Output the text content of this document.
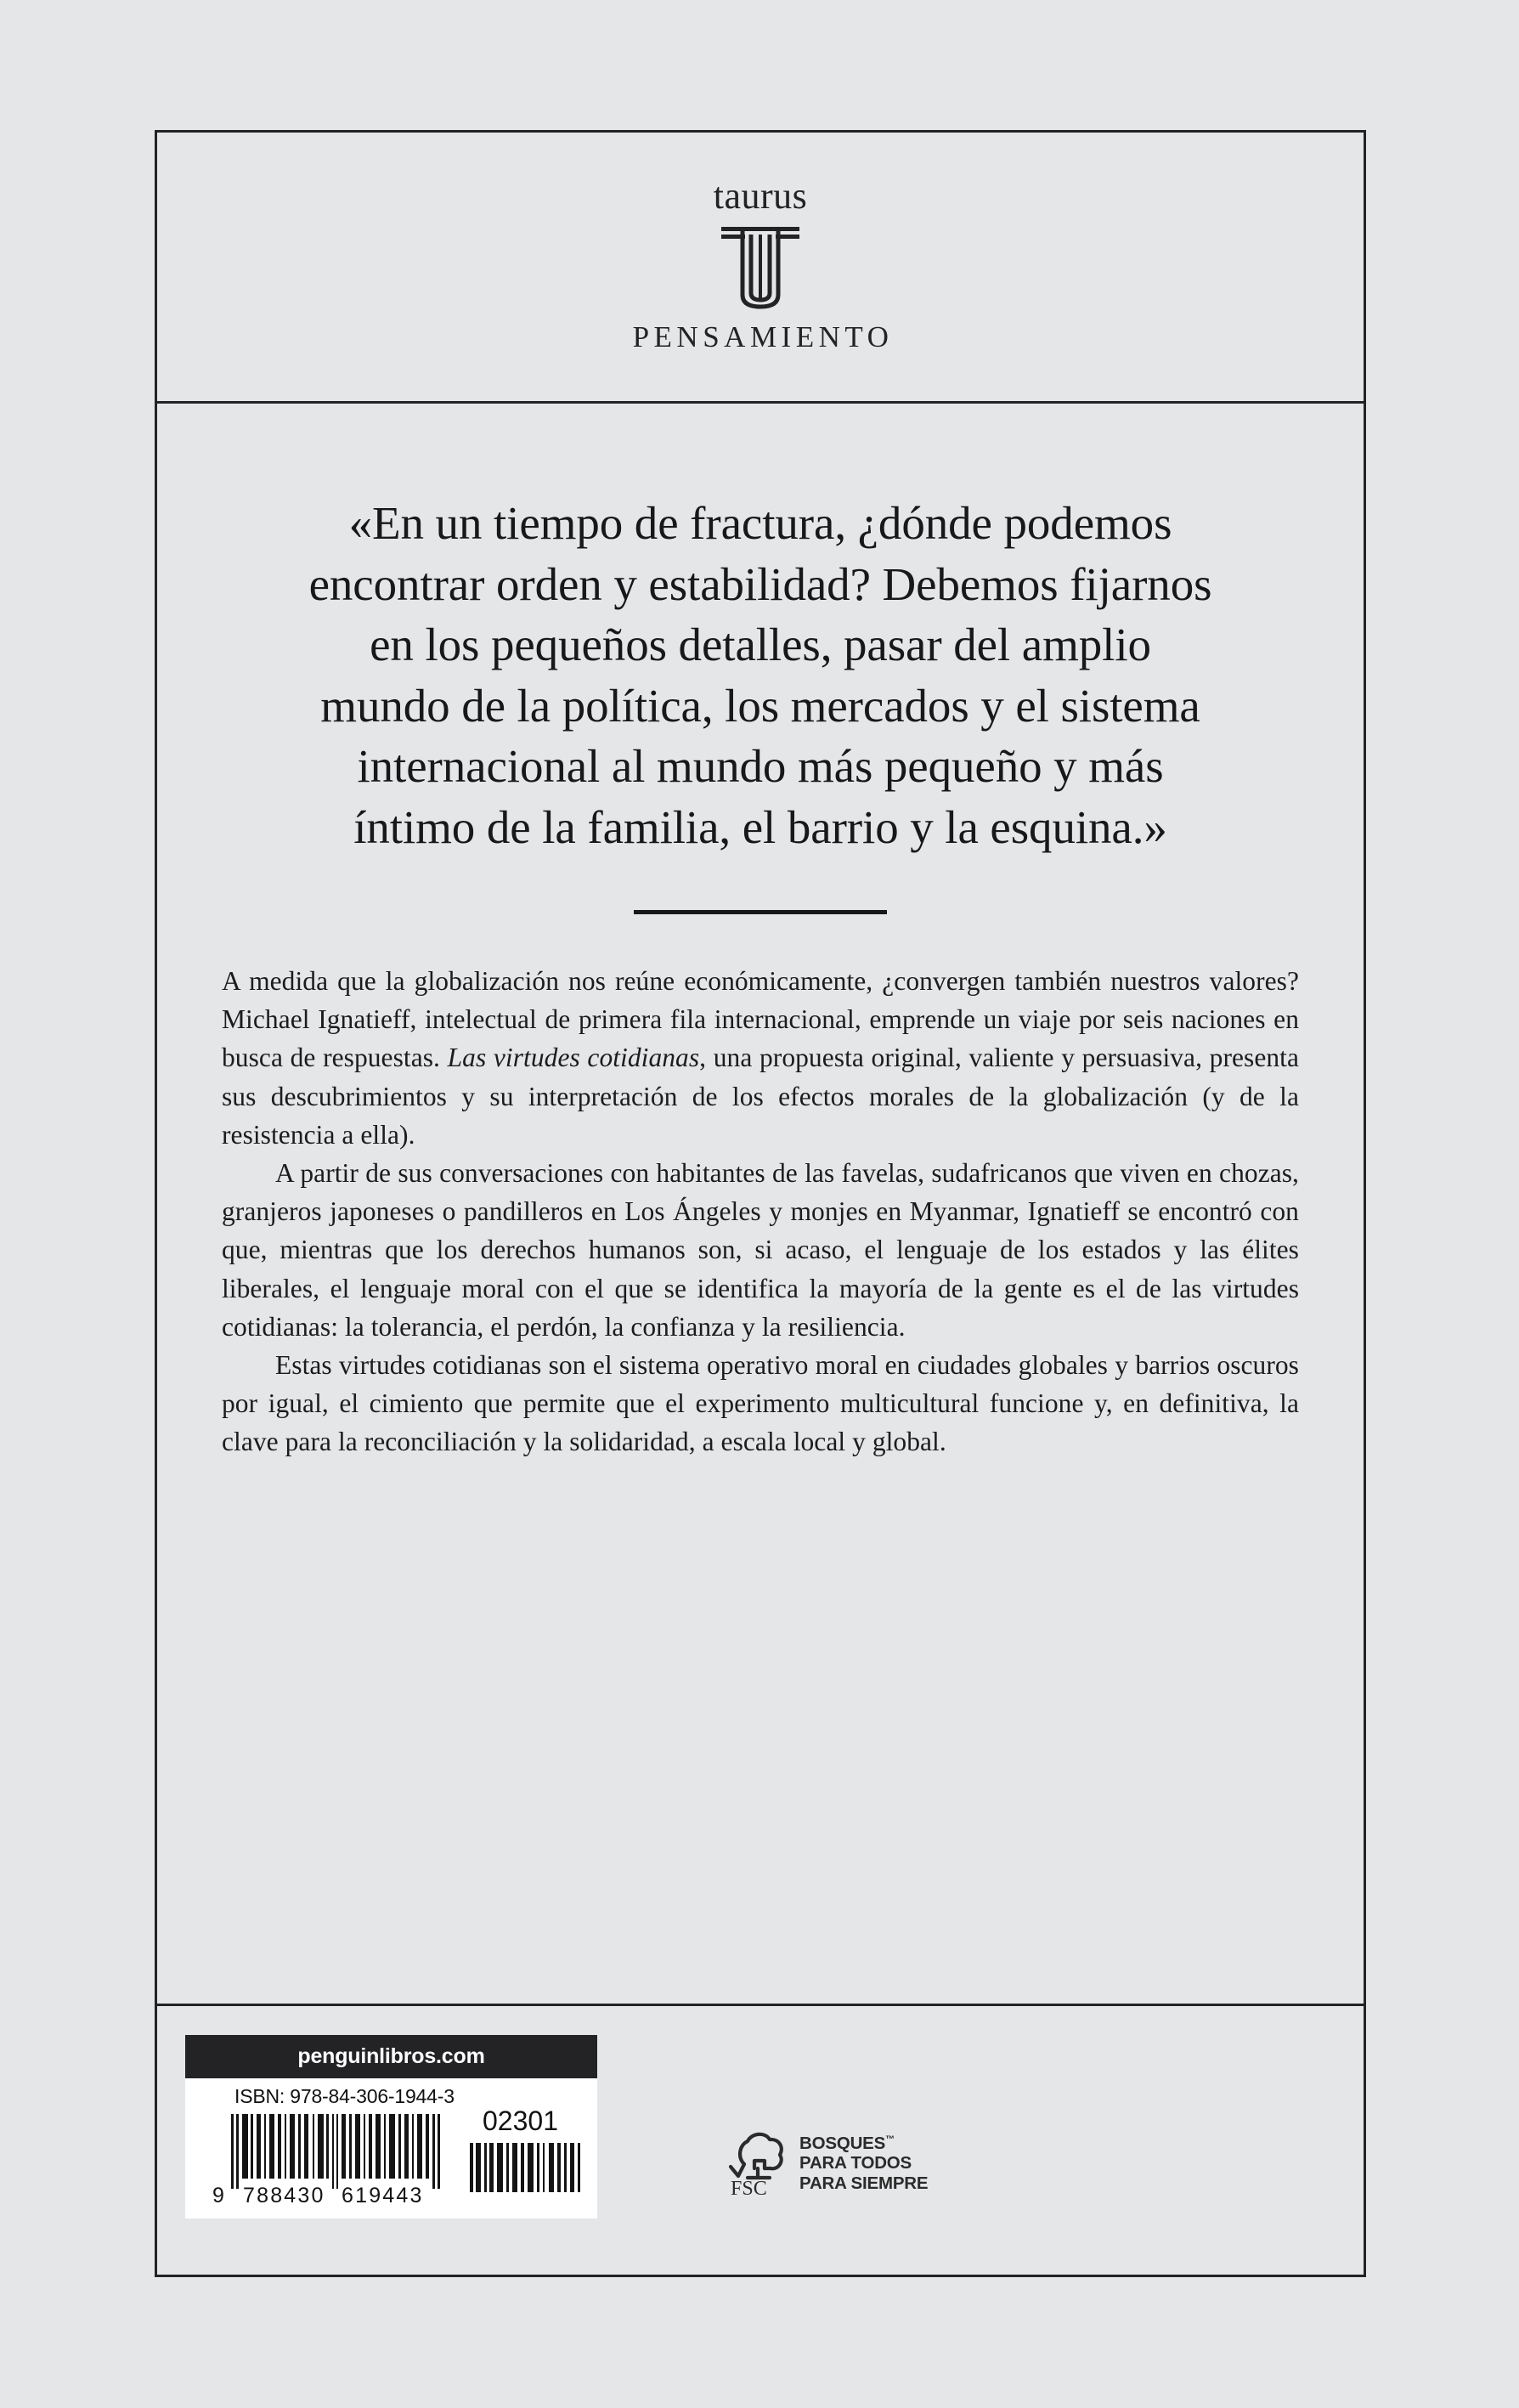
taurus
PENSAMIENTO
«En un tiempo de fractura, ¿dónde podemos
encontrar orden y estabilidad? Debemos fijarnos
en los pequeños detalles, pasar del amplio
mundo de la política, los mercados y el sistema
internacional al mundo más pequeño y más
íntimo de la familia, el barrio y la esquina.»

A medida que la globalización nos reúne económicamente, ¿convergen también nuestros valores? Michael Ignatieff, intelectual de primera fila internacional, emprende un viaje por seis naciones en busca de respuestas. Las virtudes cotidianas, una propuesta original, valiente y persuasiva, presenta sus descubrimientos y su interpretación de los efectos morales de la globalización (y de la resistencia a ella).

A partir de sus conversaciones con habitantes de las favelas, sudafricanos que viven en chozas, granjeros japoneses o pandilleros en Los Ángeles y monjes en Myanmar, Ignatieff se encontró con que, mientras que los derechos humanos son, si acaso, el lenguaje de los estados y las élites liberales, el lenguaje moral con el que se identifica la mayoría de la gente es el de las virtudes cotidianas: la tolerancia, el perdón, la confianza y la resiliencia.

Estas virtudes cotidianas son el sistema operativo moral en ciudades globales y barrios oscuros por igual, el cimiento que permite que el experimento multicultural funcione y, en definitiva, la clave para la reconciliación y la solidaridad, a escala local y global.

penguinlibros.com
ISBN: 978-84-306-1944-3
02301
9 788430 619443	FSC
BOSQUES™
PARA TODOS
PARA SIEMPRE
